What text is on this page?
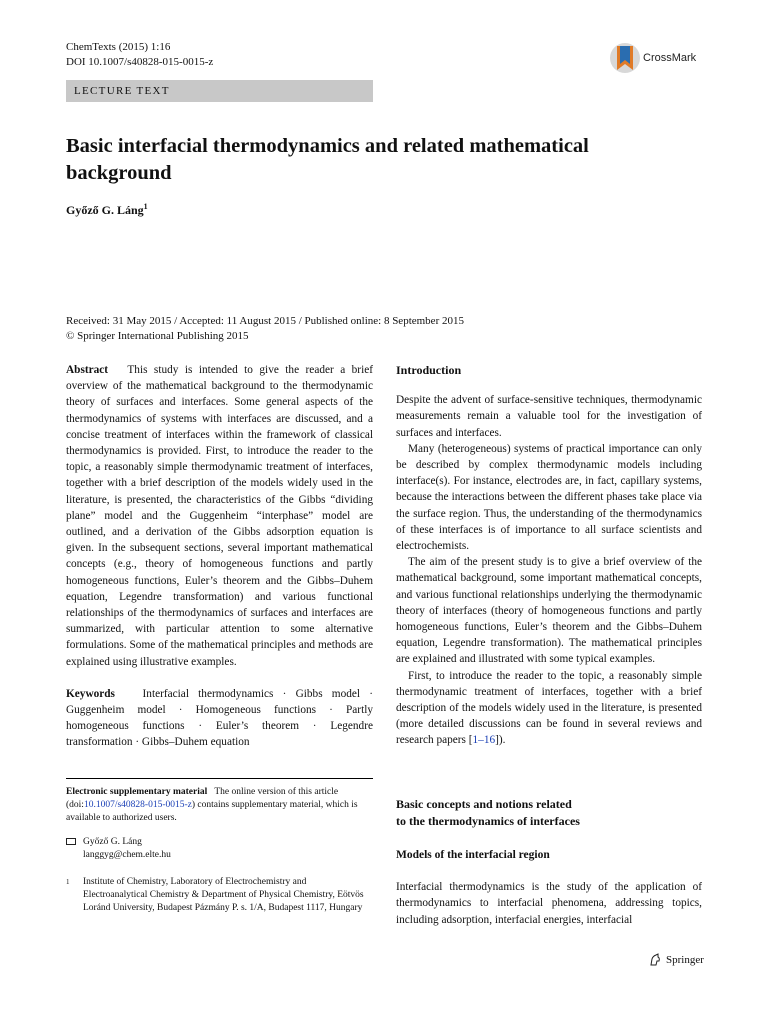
ChemTexts (2015) 1:16
DOI 10.1007/s40828-015-0015-z	CrossMark
LECTURE TEXT
Basic interfacial thermodynamics and related mathematical background
Győző G. Láng$^1$
Received: 31 May 2015 / Accepted: 11 August 2015 / Published online: 8 September 2015
© Springer International Publishing 2015

Abstract This study is intended to give the reader a brief overview of the mathematical background to the thermodynamic theory of surfaces and interfaces. Some general aspects of the thermodynamics of systems with interfaces are discussed, and a concise treatment of interfaces within the framework of classical thermodynamics is provided. First, to introduce the reader to the topic, a reasonably simple thermodynamic treatment of interfaces, together with a brief description of the models widely used in the literature, is presented, the characteristics of the Gibbs “dividing plane” model and the Guggenheim “interphase” model are outlined, and a derivation of the Gibbs adsorption equation is given. In the subsequent sections, several important mathematical concepts (e.g., theory of homogeneous functions and partly homogeneous functions, Euler’s theorem and the Gibbs–Duhem equation, Legendre transformation) and various functional relationships of the thermodynamics of surfaces and interfaces are summarized, with particular attention to some alternative formulations. Some of the mathematical principles and methods are explained using illustrative examples.

Keywords Interfacial thermodynamics · Gibbs model · Guggenheim model · Homogeneous functions · Partly homogeneous functions · Euler’s theorem · Legendre transformation · Gibbs–Duhem equation

Electronic supplementary material The online version of this article (doi:10.1007/s40828-015-0015-z) contains supplementary material, which is available to authorized users.
Győző G. Láng
langgyg@chem.elte.hu
1 Institute of Chemistry, Laboratory of Electrochemistry and Electroanalytical Chemistry & Department of Physical Chemistry, Eötvös Loránd University, Budapest Pázmány P. s. 1/A, Budapest 1117, Hungary
Introduction

Despite the advent of surface-sensitive techniques, thermodynamic measurements remain a valuable tool for the investigation of surfaces and interfaces.

Many (heterogeneous) systems of practical importance can only be described by complex thermodynamic models including interface(s). For instance, electrodes are, in fact, capillary systems, because the interactions between the different phases take place via the surface region. Thus, the understanding of the thermodynamics of these interfaces is of importance to all surface scientists and electrochemists.

The aim of the present study is to give a brief overview of the mathematical background, some important mathematical concepts, and various functional relationships underlying the thermodynamic theory of interfaces (theory of homogeneous functions and partly homogeneous functions, Euler’s theorem and the Gibbs–Duhem equation, Legendre transformation). The mathematical principles are explained and illustrated with some typical examples.

First, to introduce the reader to the topic, a reasonably simple thermodynamic treatment of interfaces, together with a brief description of the models widely used in the literature, is presented (more detailed discussions can be found in several reviews and research papers [1–16]).

Basic concepts and notions related
to the thermodynamics of interfaces
Models of the interfacial region

Interfacial thermodynamics is the study of the application of thermodynamics to interfacial phenomena, addressing topics, including adsorption, interfacial energies, interfacial

Springer
